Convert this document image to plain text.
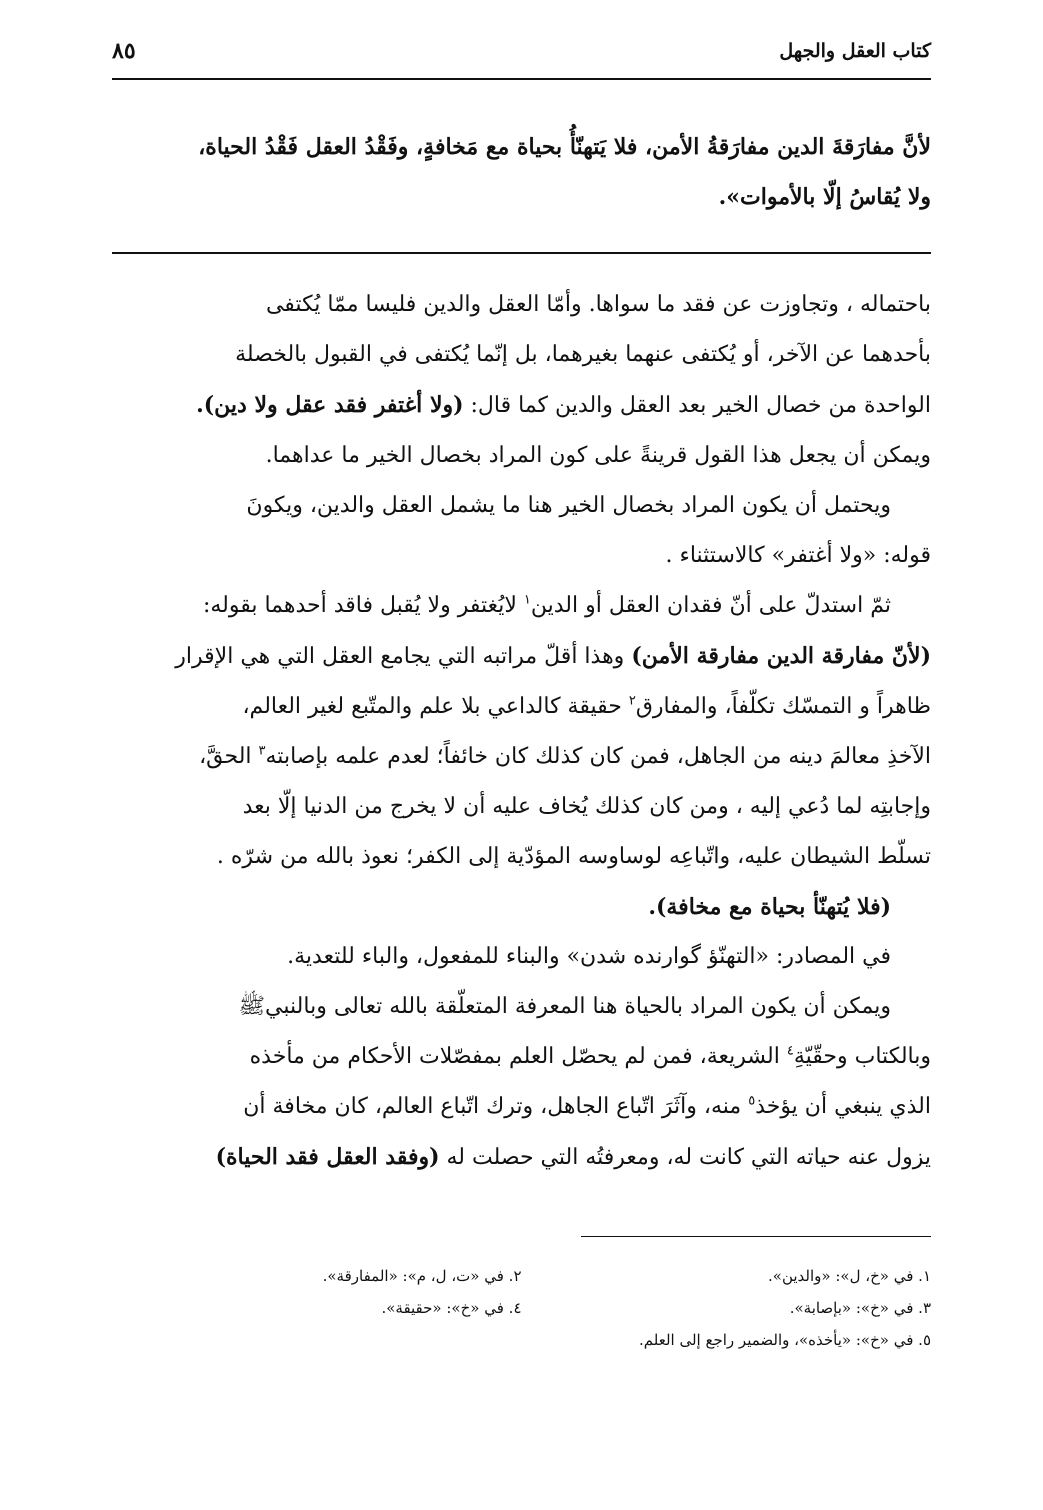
كتاب العقل والجهل
٨٥

لأنَّ مفارَقةَ الدين مفارَقةُ الأمن، فلا يَتهنّأُ بحياة مع مَخافةٍ، وفَقْدُ العقل فَقْدُ الحياة،

ولا يُقاسُ إلّا بالأموات».

باحتماله ، وتجاوزت عن فقد ما سواها. وأمّا العقل والدين فليسا ممّا يُكتفى

بأحدهما عن الآخر، أو يُكتفى عنهما بغيرهما، بل إنّما يُكتفى في القبول بالخصلة

الواحدة من خصال الخير بعد العقل والدين كما قال: (ولا أغتفر فقد عقل ولا دين).

ويمكن أن يجعل هذا القول قرينةً على كون المراد بخصال الخير ما عداهما.

ويحتمل أن يكون المراد بخصال الخير هنا ما يشمل العقل والدين، ويكونَ

قوله: «ولا أغتفر» كالاستثناء .

ثمّ استدلّ على أنّ فقدان العقل أو الدين$^١$ لايُغتفر ولا يُقبل فاقد أحدهما بقوله:

(لأنّ مفارقة الدين مفارقة الأمن) وهذا أقلّ مراتبه التي يجامع العقل التي هي الإقرار

ظاهراً و التمسّك تكلّفاً، والمفارق$^٢$ حقيقة كالداعي بلا علم والمتّبع لغير العالم،

الآخذِ معالمَ دينه من الجاهل، فمن كان كذلك كان خائفاً؛ لعدم علمه بإصابته$^٣$ الحقَّ،

وإجابتِه لما دُعي إليه ، ومن كان كذلك يُخاف عليه أن لا يخرج من الدنيا إلّا بعد

تسلّط الشيطان عليه، واتّباعِه لوساوسه المؤدّية إلى الكفر؛ نعوذ بالله من شرّه .

(فلا يُتهنّأ بحياة مع مخافة).

في المصادر: «التهنّؤ گوارنده شدن» والبناء للمفعول، والباء للتعدية.

ويمكن أن يكون المراد بالحياة هنا المعرفة المتعلّقة بالله تعالى وبالنبيﷺ

وبالكتاب وحقّيّةِ$^٤$ الشريعة، فمن لم يحصّل العلم بمفصّلات الأحكام من مأخذه

الذي ينبغي أن يؤخذ$^٥$ منه، وآثَرَ اتّباع الجاهل، وترك اتّباع العالم، كان مخافة أن

يزول عنه حياته التي كانت له، ومعرفتُه التي حصلت له (وفقد العقل فقد الحياة)

١. في «خ، ل»: «والدين».
٢. في «ت، ل، م»: «المفارقة».
٣. في «خ»: «بإصابة».
٤. في «خ»: «حقيقة».
٥. في «خ»: «يأخذه»، والضمير راجع إلى العلم.
